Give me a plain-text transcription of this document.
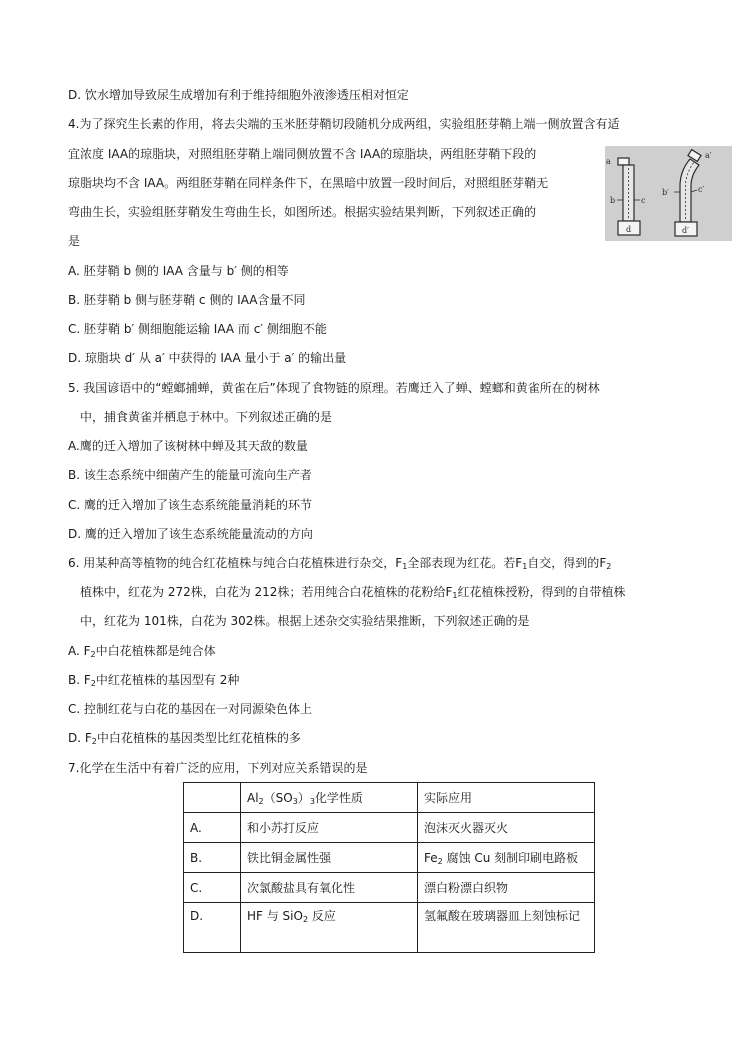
D. 饮水增加导致尿生成增加有利于维持细胞外液渗透压相对恒定
4.为了探究生长素的作用，将去尖端的玉米胚芽鞘切段随机分成两组，实验组胚芽鞘上端一侧放置含有适
宜浓度 IAA的琼脂块，对照组胚芽鞘上端同侧放置不含 IAA的琼脂块，两组胚芽鞘下段的
琼脂块均不含 IAA。两组胚芽鞘在同样条件下，在黑暗中放置一段时间后，对照组胚芽鞘无
弯曲生长，实验组胚芽鞘发生弯曲生长，如图所述。根据实验结果判断，下列叙述正确的
是
a
b	c
d
a′
b′	c′
d′
A. 胚芽鞘 b 侧的 IAA 含量与 b′ 侧的相等
B. 胚芽鞘 b 侧与胚芽鞘 c 侧的 IAA含量不同
C. 胚芽鞘 b′ 侧细胞能运输 IAA 而 c′ 侧细胞不能
D. 琼脂块 d′ 从 a′ 中获得的 IAA 量小于 a′ 的输出量
5. 我国谚语中的“螳螂捕蝉，黄雀在后”体现了食物链的原理。若鹰迁入了蝉、螳螂和黄雀所在的树林
中，捕食黄雀并栖息于林中。下列叙述正确的是
A.鹰的迁入增加了该树林中蝉及其天敌的数量
B. 该生态系统中细菌产生的能量可流向生产者
C. 鹰的迁入增加了该生态系统能量消耗的环节
D. 鹰的迁入增加了该生态系统能量流动的方向
6. 用某种高等植物的纯合红花植株与纯合白花植株进行杂交，$F_1$全部表现为红花。若$F_1$自交，得到的$F_2$
植株中，红花为 272株，白花为 212株；若用纯合白花植株的花粉给$F_1$红花植株授粉，得到的自带植株
中，红花为 101株，白花为 302株。根据上述杂交实验结果推断，下列叙述正确的是
A. $F_2$中白花植株都是纯合体
B. $F_2$中红花植株的基因型有 2种
C. 控制红花与白花的基因在一对同源染色体上
D. $F_2$中白花植株的基因类型比红花植株的多
7.化学在生活中有着广泛的应用，下列对应关系错误的是
	$Al_2(SO_3)_3$化学性质	实际应用
A.	和小苏打反应	泡沫灭火器灭火
B.	铁比铜金属性强	$Fe_2$ 腐蚀 Cu 刻制印刷电路板
C.	次氯酸盐具有氧化性	漂白粉漂白织物
D.	HF 与 SiO$_2$ 反应	氢氟酸在玻璃器皿上刻蚀标记
